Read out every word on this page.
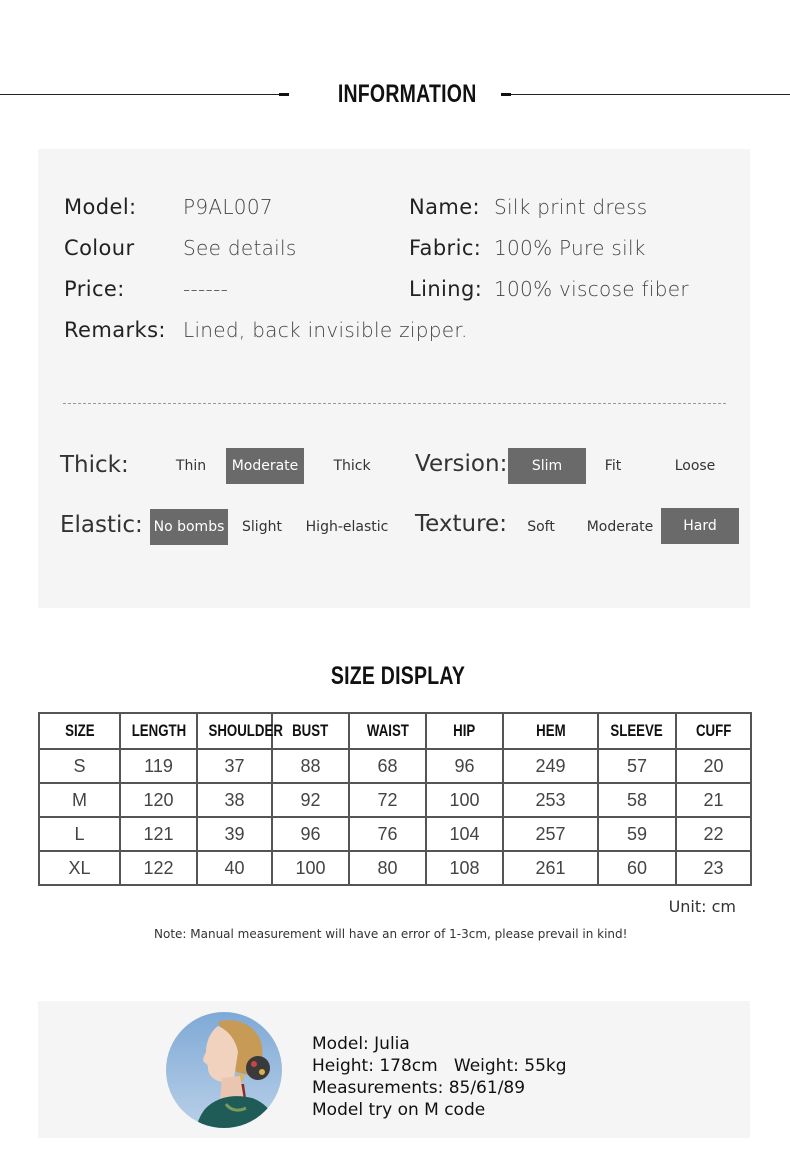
INFORMATION
Model: P9AL007
Colour See details
Price:	------
Remarks: Lined, back invisible zipper.
Name: Silk print dress
Fabric: 100% Pure silk
Lining: 100% viscose fiber
Thick:	Thin	Moderate	Thick	Version:	Slim	Fit	Loose
Elastic: No bombs	Slight	High-elastic Texture:	Soft	Moderate	Hard
SIZE DISPLAY
SIZE	LENGTH	SHOULDER	BUST	WAIST	HIP	HEM	SLEEVE	CUFF
S	119	37	88	68	96	249	57	20
M	120	38	92	72	100	253	58	21
L	121	39	96	76	104	257	59	22
XL	122	40	100	80	108	261	60	23
Unit: cm
Note: Manual measurement will have an error of 1-3cm, please prevail in kind!
Model: Julia
Height: 178cm   Weight: 55kg
Measurements: 85/61/89
Model try on M code
